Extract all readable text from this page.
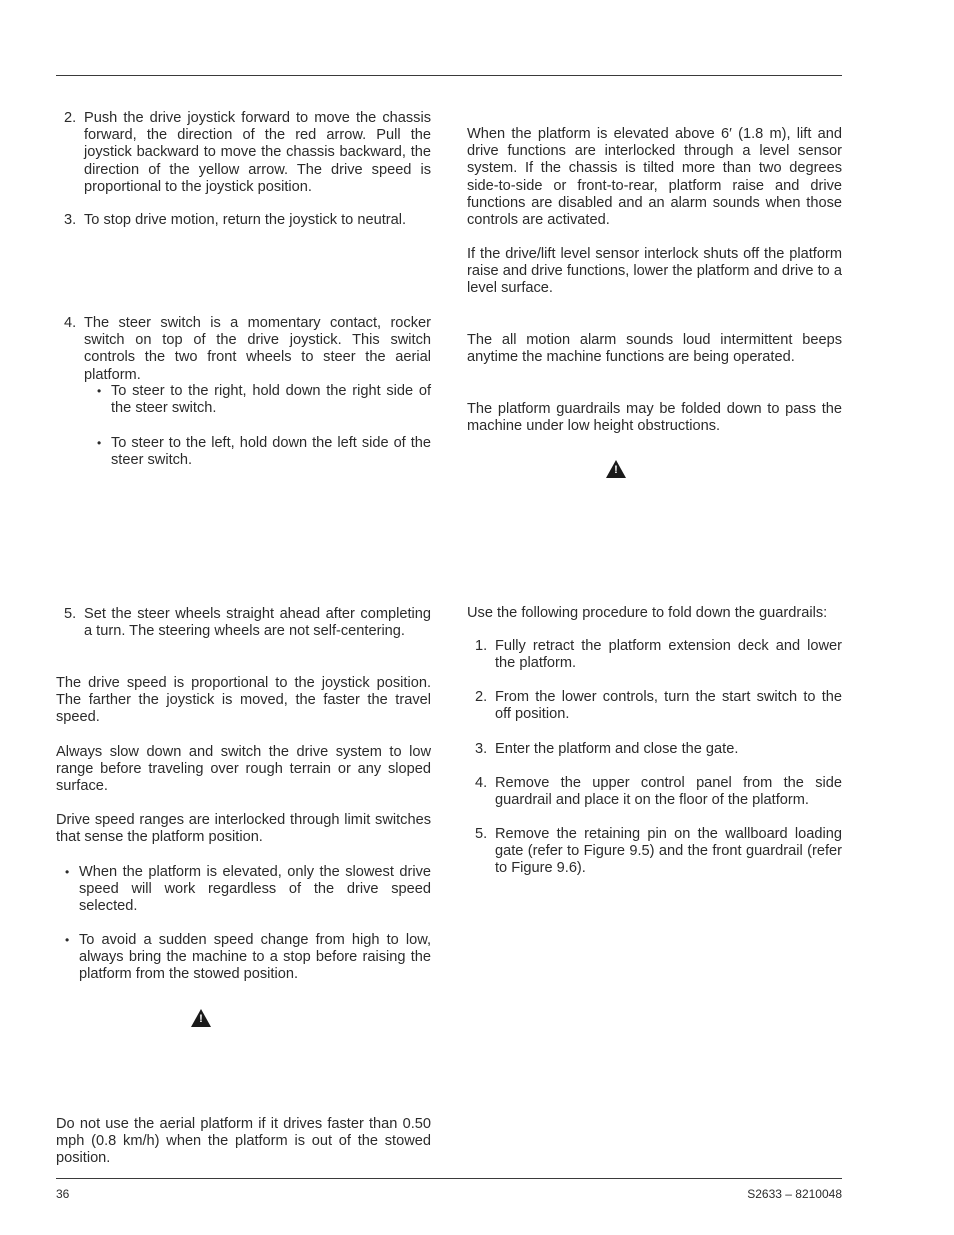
2. Push the drive joystick forward to move the chassis forward, the direction of the red arrow. Pull the joystick backward to move the chassis backward, the direction of the yellow arrow. The drive speed is proportional to the joystick position.
3. To stop drive motion, return the joystick to neutral.
4. The steer switch is a momentary contact, rocker switch on top of the drive joystick. This switch controls the two front wheels to steer the aerial platform.
• To steer to the right, hold down the right side of the steer switch.
• To steer to the left, hold down the left side of the steer switch.
5. Set the steer wheels straight ahead after completing a turn. The steering wheels are not self-centering.

The drive speed is proportional to the joystick position. The farther the joystick is moved, the faster the travel speed.

Always slow down and switch the drive system to low range before traveling over rough terrain or any sloped surface.

Drive speed ranges are interlocked through limit switches that sense the platform position.

• When the platform is elevated, only the slowest drive speed will work regardless of the drive speed selected.
• To avoid a sudden speed change from high to low, always bring the machine to a stop before raising the platform from the stowed position.
!

Do not use the aerial platform if it drives faster than 0.50 mph (0.8 km/h) when the platform is out of the stowed position.

When the platform is elevated above 6′ (1.8 m), lift and drive functions are interlocked through a level sensor system. If the chassis is tilted more than two degrees side-to-side or front-to-rear, platform raise and drive functions are disabled and an alarm sounds when those controls are activated.

If the drive/lift level sensor interlock shuts off the platform raise and drive functions, lower the platform and drive to a level surface.

The all motion alarm sounds loud intermittent beeps anytime the machine functions are being operated.

The platform guardrails may be folded down to pass the machine under low height obstructions.

!

Use the following procedure to fold down the guardrails:

1. Fully retract the platform extension deck and lower the platform.
2. From the lower controls, turn the start switch to the off position.
3. Enter the platform and close the gate.
4. Remove the upper control panel from the side guardrail and place it on the floor of the platform.
5. Remove the retaining pin on the wallboard loading gate (refer to Figure 9.5) and the front guardrail (refer to Figure 9.6).
36	S2633 – 8210048
